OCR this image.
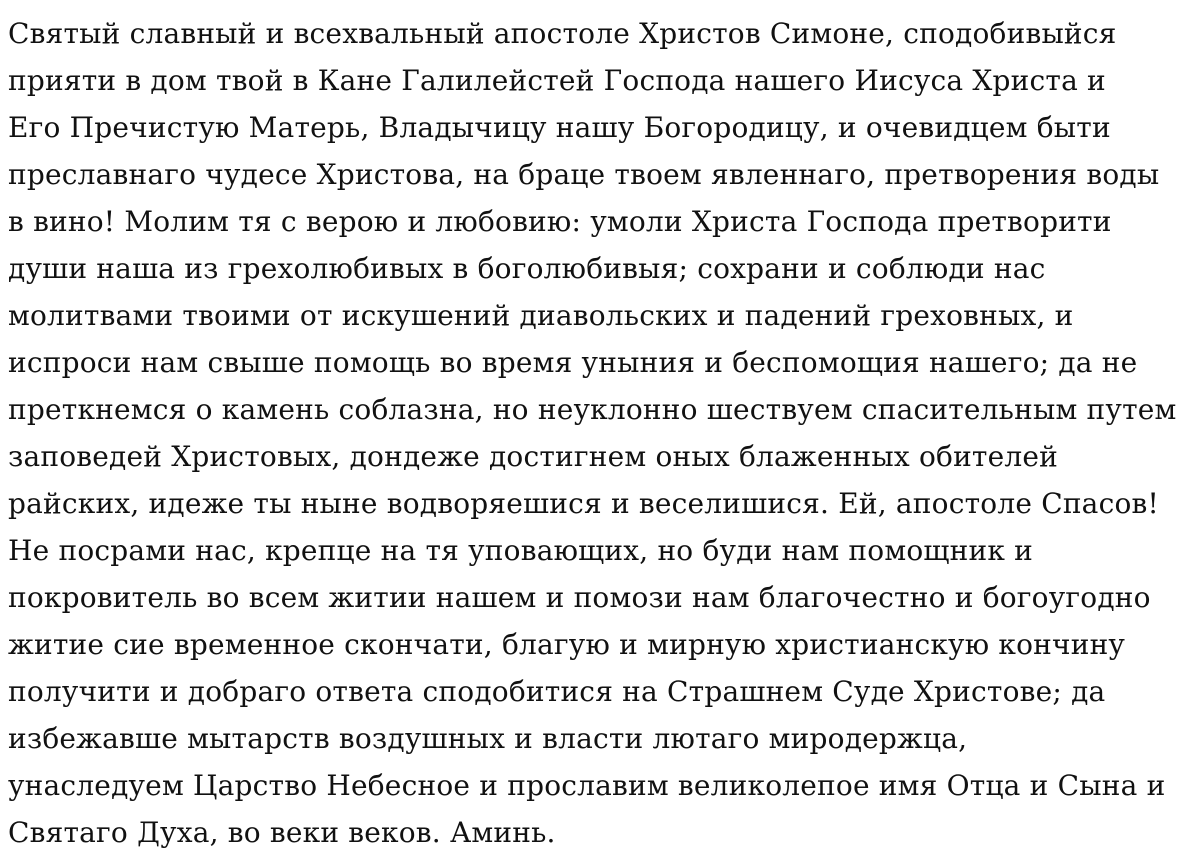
Святый славный и всехвальный апостоле Христов Симоне, сподобивыйся
прияти в дом твой в Кане Галилейстей Господа нашего Иисуса Христа и
Его Пречистую Матерь, Владычицу нашу Богородицу, и очевидцем быти
преславнаго чудесе Христова, на браце твоем явленнаго, претворения воды
в вино! Молим тя с верою и любовию: умоли Христа Господа претворити
души наша из грехолюбивых в боголюбивыя; сохрани и соблюди нас
молитвами твоими от искушений диавольских и падений греховных, и
испроси нам свыше помощь во время уныния и беспомощия нашего; да не
преткнемся о камень соблазна, но неуклонно шествуем спасительным путем
заповедей Христовых, дондеже достигнем оных блаженных обителей
райских, идеже ты ныне водворяешися и веселишися. Ей, апостоле Спасов!
Не посрами нас, крепце на тя уповающих, но буди нам помощник и
покровитель во всем житии нашем и помози нам благочестно и богоугодно
житие сие временное скончати, благую и мирную христианскую кончину
получити и добраго ответа сподобитися на Страшнем Суде Христове; да
избежавше мытарств воздушных и власти лютаго миродержца,
унаследуем Царство Небесное и прославим великолепое имя Отца и Сына и
Святаго Духа, во веки веков. Аминь.
